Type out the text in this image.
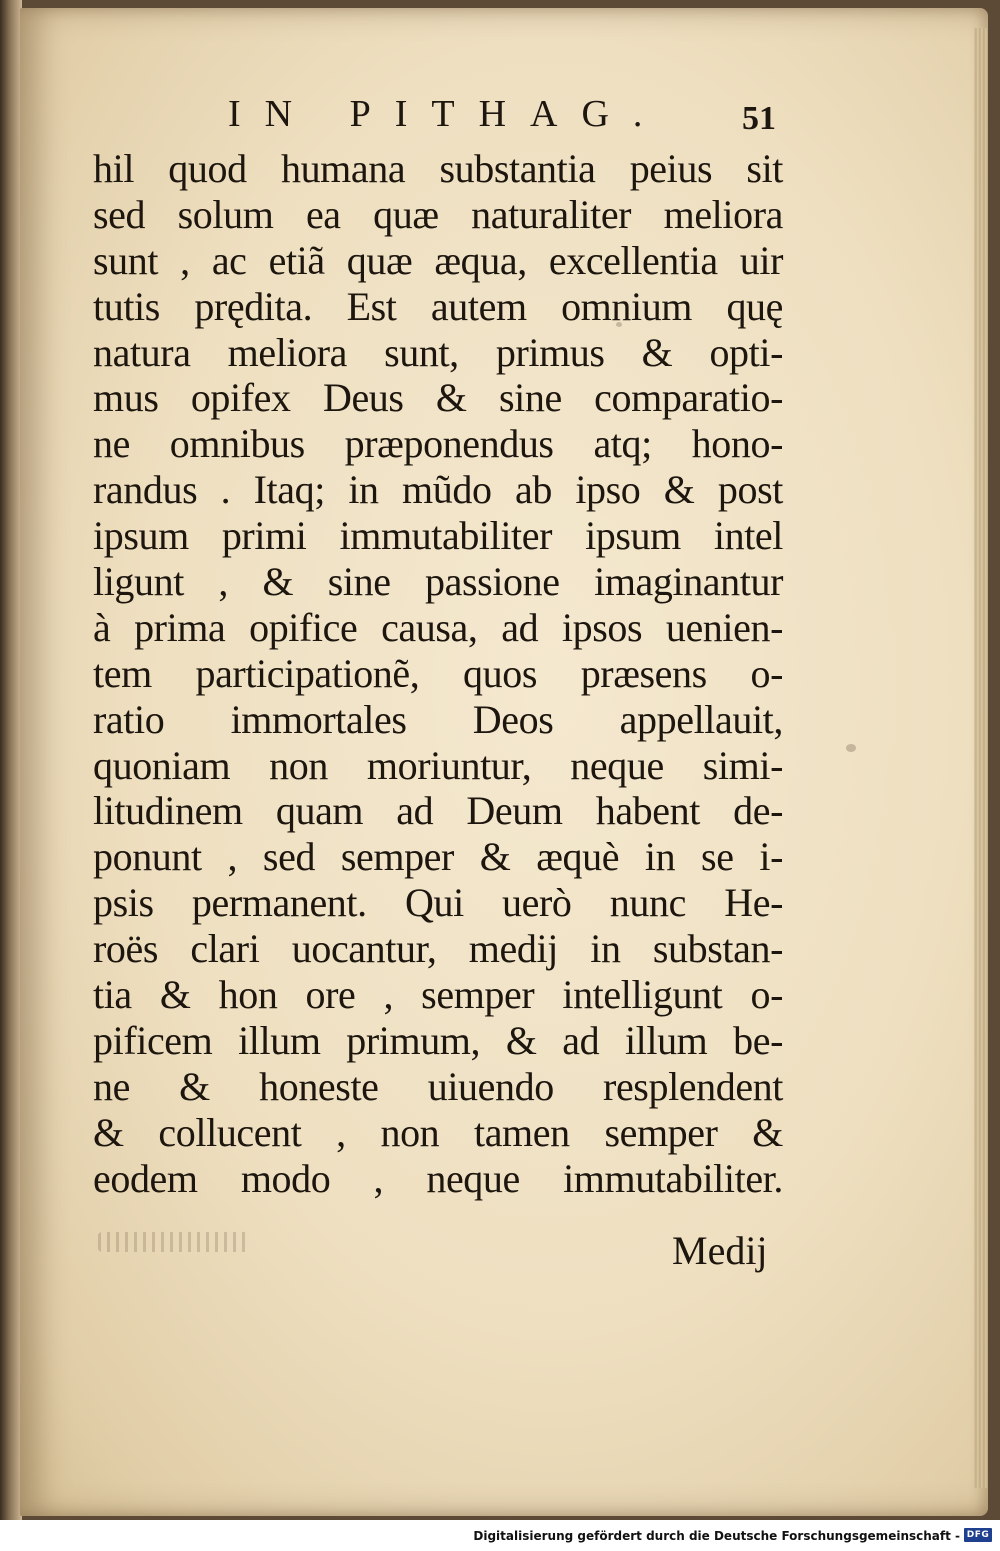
IN PITHAG. 51
hil quod humana substantia peius sit
sed solum ea quæ naturaliter meliora
sunt , ac etiã quæ æqua, excellentia uir
tutis prędita. Est autem omnium quę
natura meliora sunt, primus & opti-
mus opifex Deus & sine comparatio-
ne omnibus præponendus atq; hono-
randus . Itaq; in mũdo ab ipso & post
ipsum primi immutabiliter ipsum intel
ligunt , & sine passione imaginantur
à prima opifice causa, ad ipsos uenien-
tem participationẽ, quos præsens o-
ratio immortales Deos appellauit,
quoniam non moriuntur, neque simi-
litudinem quam ad Deum habent de-
ponunt , sed semper & æquè in se i-
psis permanent. Qui uerò nunc He-
roës clari uocantur, medij in substan-
tia & hon ore , semper intelligunt o-
pificem illum primum, & ad illum be-
ne & honeste uiuendo resplendent
& collucent , non tamen semper &
eodem modo , neque immutabiliter.
Medij
Digitalisierung gefördert durch die Deutsche Forschungsgemeinschaft - DFG
